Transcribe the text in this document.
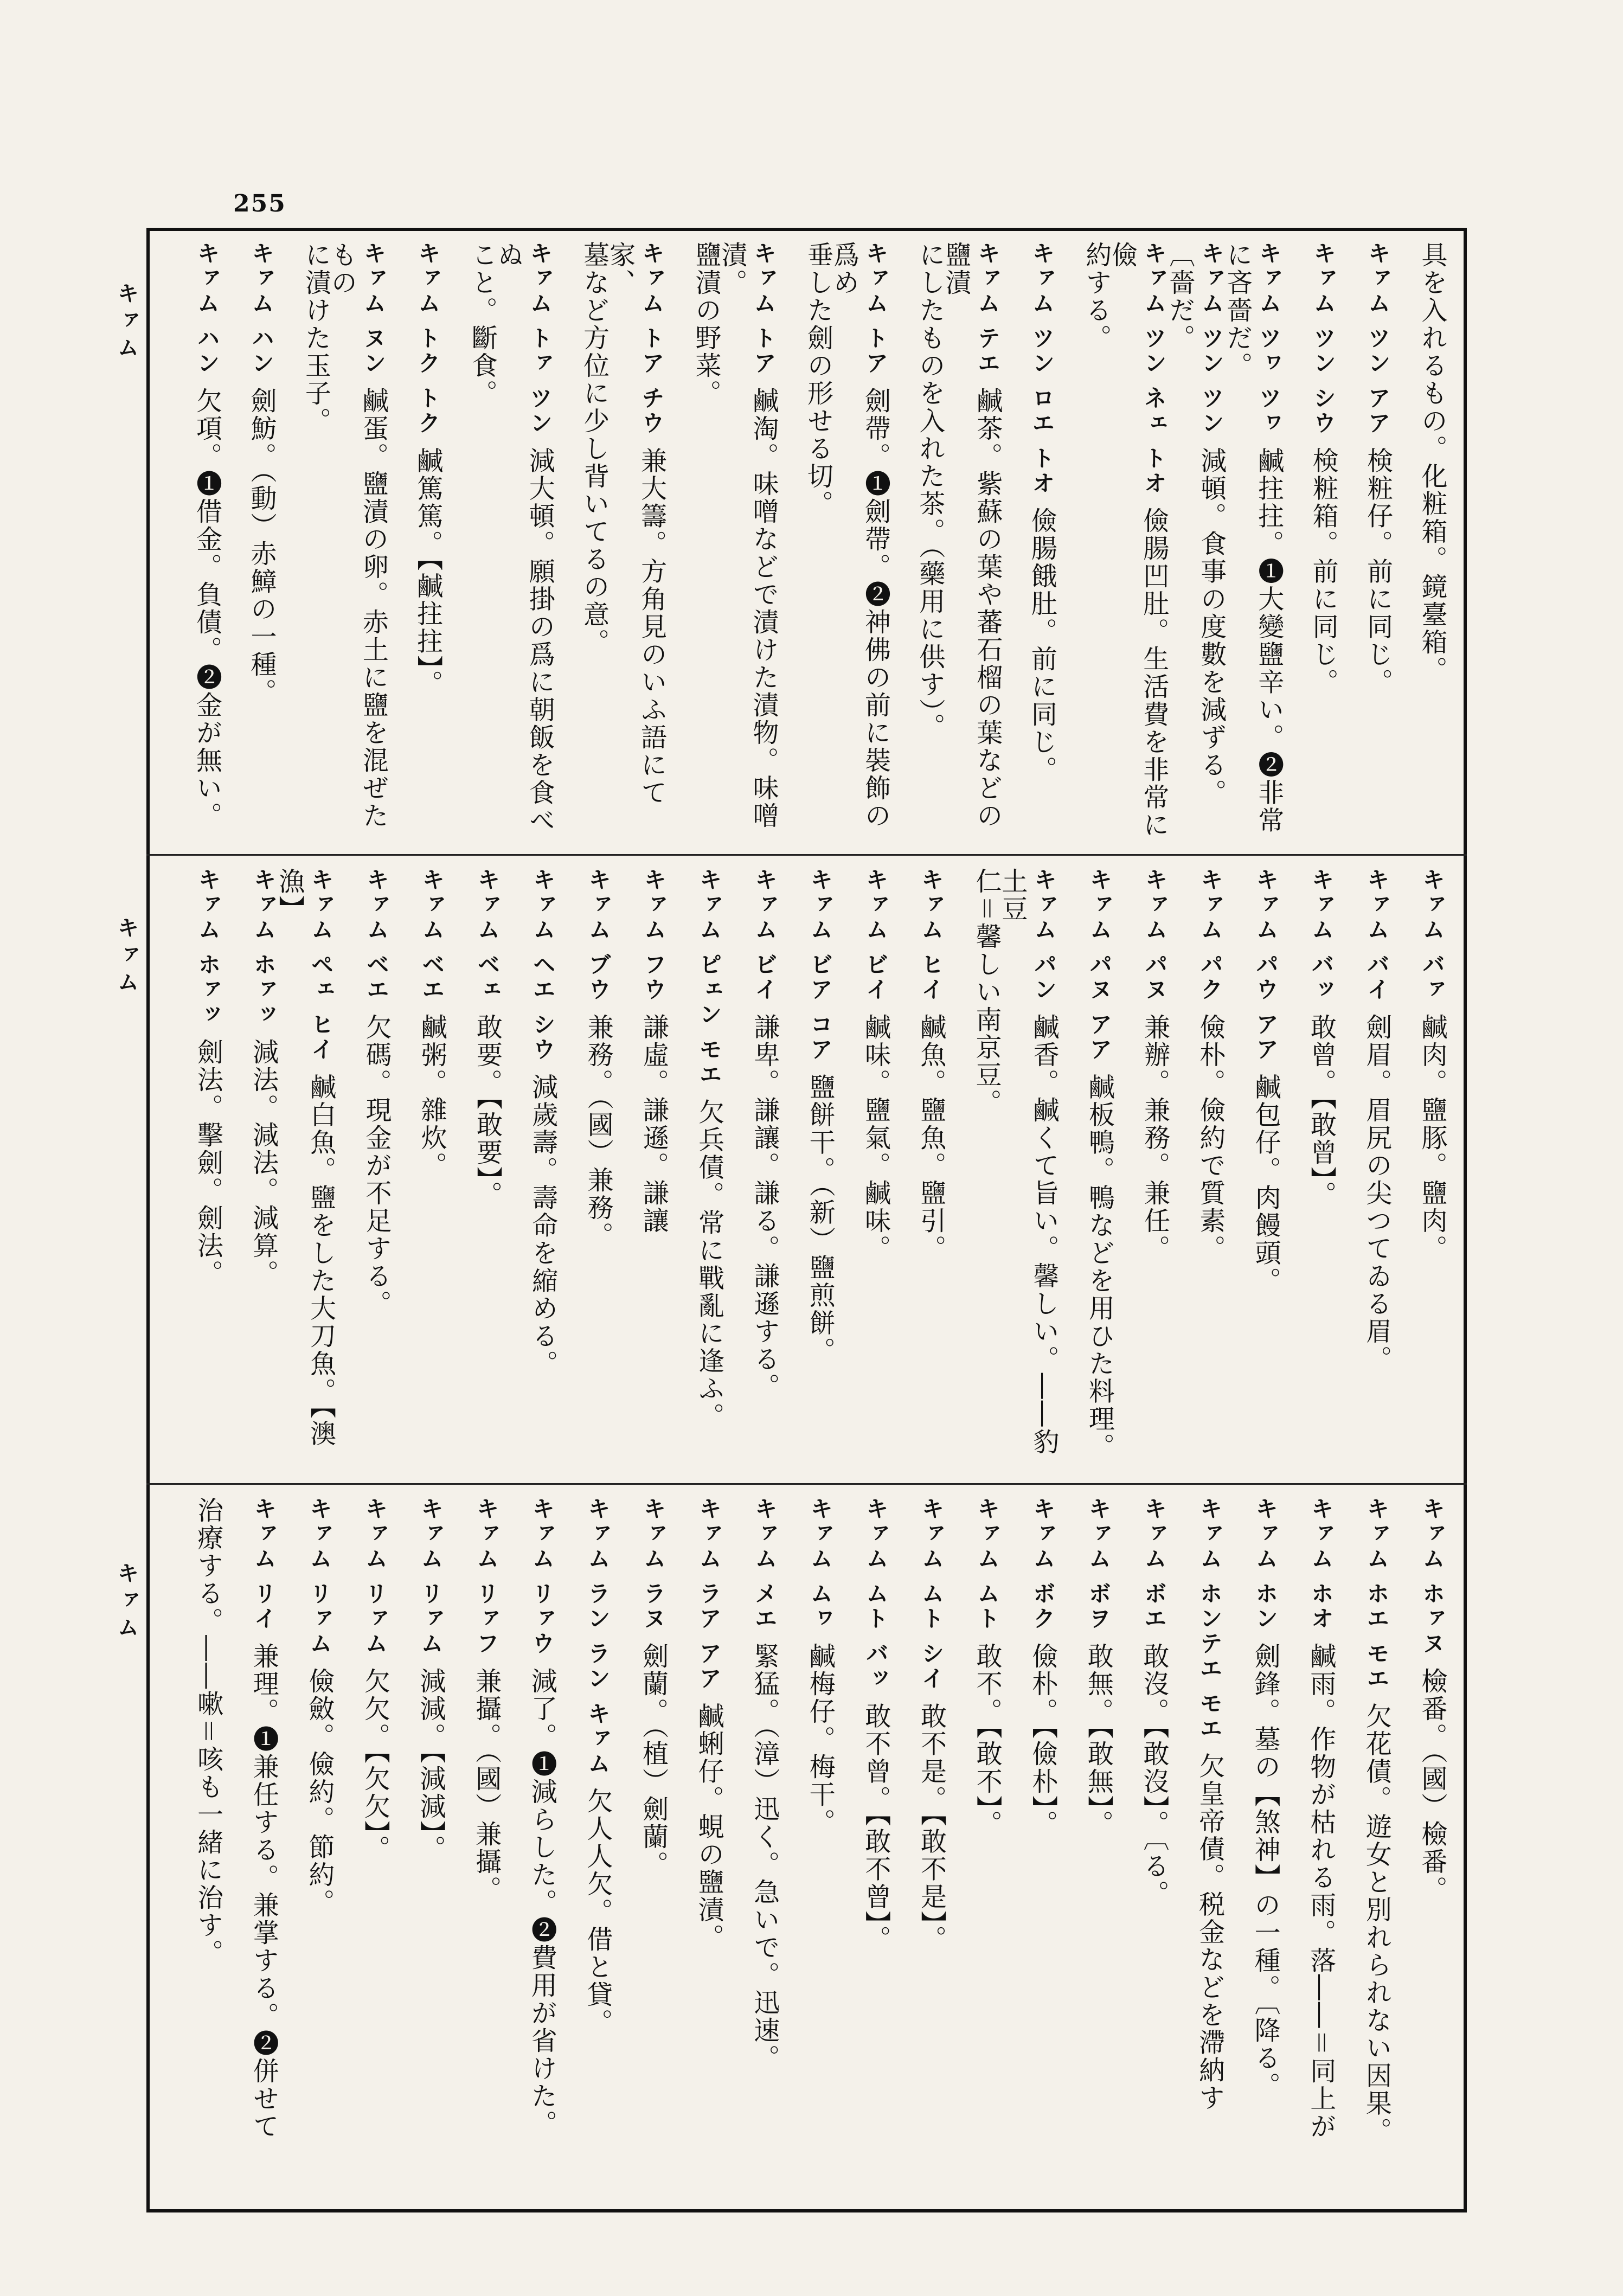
255
キァム
キァム
キァム
具を入れるもの。化粧箱。鏡臺箱。
キァム ツン アア検粧仔。前に同じ。
キァム ツン シウ検粧箱。前に同じ。
キァム ツヮ ツヮ鹹拄拄。❶大變鹽辛い。❷非常に吝嗇だ。
キァム ツン ツン減頓。食事の度數を減ずる。〔嗇だ。
キァム ツン ネェ トオ儉腸凹肚。生活費を非常に儉
約する。
キァム ツン ロエ トオ儉腸餓肚。前に同じ。
キァム テエ鹹茶。紫蘇の葉や蕃石榴の葉などの鹽漬
にしたものを入れた茶。（藥用に供す）。
キァム トア劍帶。❶劍帶。❷神佛の前に裝飾の爲め
垂した劍の形せる切。
キァム トア鹹淘。味噌などで漬けた漬物。味噌漬。
鹽漬の野菜。
キァム トア チウ兼大籌。方角見のいふ語にて家、
墓など方位に少し背いてるの意。
キァム トァ ツン減大頓。願掛の爲に朝飯を食べぬ
こと。斷食。
キァム トク トク鹹篤篤。【鹹拄拄】。
キァム ヌン鹹蛋。鹽漬の卵。赤土に鹽を混ぜたもの
に漬けた玉子。
キァム ハン劍魴。（動）赤鱆の一種。
キァム ハン欠項。❶借金。負債。❷金が無い。
キァム バァ鹹肉。鹽豚。鹽肉。
キァム バイ劍眉。眉尻の尖つてゐる眉。
キァム バッ敢曾。【敢曾】。
キァム パウ アア鹹包仔。肉饅頭。
キァム パク儉朴。儉約で質素。
キァム パヌ兼辦。兼務。兼任。
キァム パヌ アア鹹板鴨。鴨などを用ひた料理。
キァム パン鹹香。鹹くて旨い。馨しい。――豹土豆
仁＝馨しい南京豆。
キァム ヒイ鹹魚。鹽魚。鹽引。
キァム ビイ鹹味。鹽氣。鹹味。
キァム ビア コア鹽餅干。（新）鹽煎餅。
キァム ビイ謙卑。謙讓。謙る。謙遜する。
キァム ピェン モエ欠兵債。常に戰亂に逢ふ。
キァム フウ謙虛。謙遜。謙讓
キァム ブウ兼務。（國）兼務。
キァム ヘエ シウ減歲壽。壽命を縮める。
キァム ベェ敢要。【敢要】。
キァム ベエ鹹粥。雜炊。
キァム ベエ欠碼。現金が不足する。
キァム ペェ ヒイ鹹白魚。鹽をした大刀魚。【澳漁】
キァム ホァッ減法。減法。減算。
キァム ホァッ劍法。擊劍。劍法。
キァム ホァヌ檢番。（國）檢番。
キァム ホエ モエ欠花債。遊女と別れられない因果。
キァム ホオ鹹雨。作物が枯れる雨。落――＝同上が
キァム ホン劍鋒。墓の【煞神】の一種。〔降る。
キァム ホンテエ モエ欠皇帝債。税金などを滯納す
キァム ボエ敢沒。【敢沒】。〔る。
キァム ボヲ敢無。【敢無】。
キァム ボク儉朴。【儉朴】。
キァム ムト敢不。【敢不】。
キァム ムト シイ敢不是。【敢不是】。
キァム ムト バッ敢不曾。【敢不曾】。
キァム ムヮ鹹梅仔。梅干。
キァム メエ緊猛。（漳）迅く。急いで。迅速。
キァム ラア アア鹹蜊仔。蜆の鹽漬。
キァム ラヌ劍蘭。（植）劍蘭。
キァム ラン ラン キァム欠人人欠。借と貸。
キァム リァウ減了。❶減らした。❷費用が省けた。
キァム リァフ兼攝。（國）兼攝。
キァム リァム減減。【減減】。
キァム リァム欠欠。【欠欠】。
キァム リァム儉斂。儉約。節約。
キァム リイ兼理。❶兼任する。兼掌する。❷併せて
治療する。――嗽＝咳も一緒に治す。
